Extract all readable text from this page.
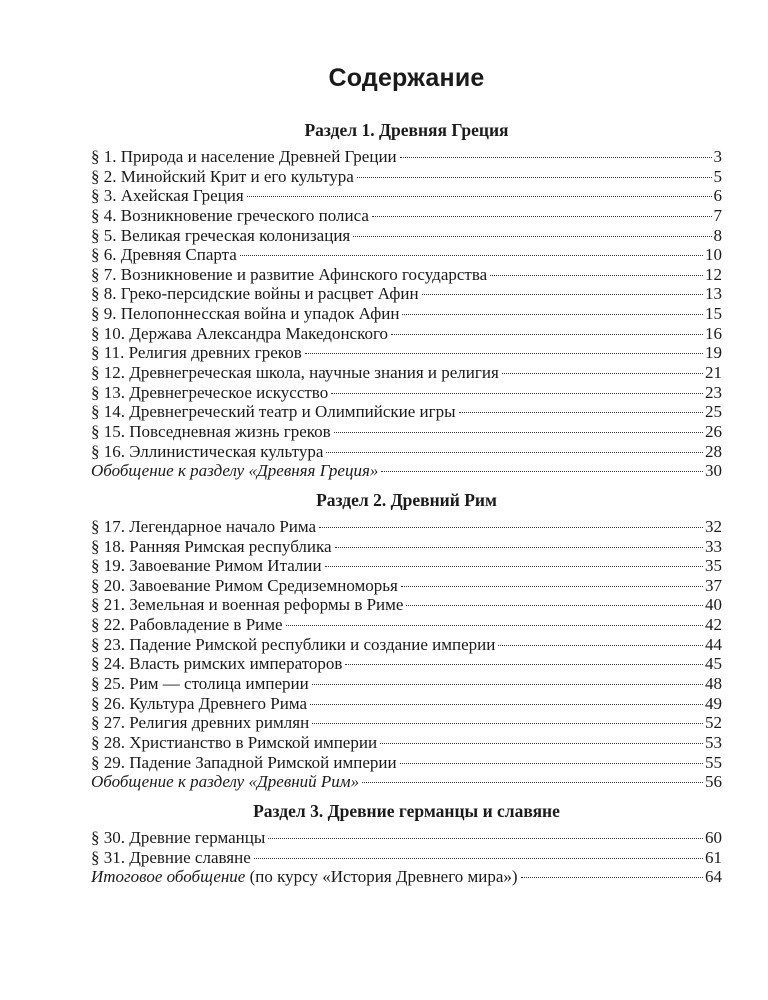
Содержание
Раздел 1. Древняя Греция
§ 1. Природа и население Древней Греции	3
§ 2. Минойский Крит и его культура	5
§ 3. Ахейская Греция	6
§ 4. Возникновение греческого полиса	7
§ 5. Великая греческая колонизация	8
§ 6. Древняя Спарта	10
§ 7. Возникновение и развитие Афинского государства	12
§ 8. Греко-персидские войны и расцвет Афин	13
§ 9. Пелопоннесская война и упадок Афин	15
§ 10. Держава Александра Македонского	16
§ 11. Религия древних греков	19
§ 12. Древнегреческая школа, научные знания и религия	21
§ 13. Древнегреческое искусство	23
§ 14. Древнегреческий театр и Олимпийские игры	25
§ 15. Повседневная жизнь греков	26
§ 16. Эллинистическая культура	28
Обобщение к разделу «Древняя Греция»	30
Раздел 2. Древний Рим
§ 17. Легендарное начало Рима	32
§ 18. Ранняя Римская республика	33
§ 19. Завоевание Римом Италии	35
§ 20. Завоевание Римом Средиземноморья	37
§ 21. Земельная и военная реформы в Риме	40
§ 22. Рабовладение в Риме	42
§ 23. Падение Римской республики и создание империи	44
§ 24. Власть римских императоров	45
§ 25. Рим — столица империи	48
§ 26. Культура Древнего Рима	49
§ 27. Религия древних римлян	52
§ 28. Христианство в Римской империи	53
§ 29. Падение Западной Римской империи	55
Обобщение к разделу «Древний Рим»	56
Раздел 3. Древние германцы и славяне
§ 30. Древние германцы	60
§ 31. Древние славяне	61
Итоговое обобщение (по курсу «История Древнего мира»)	64
